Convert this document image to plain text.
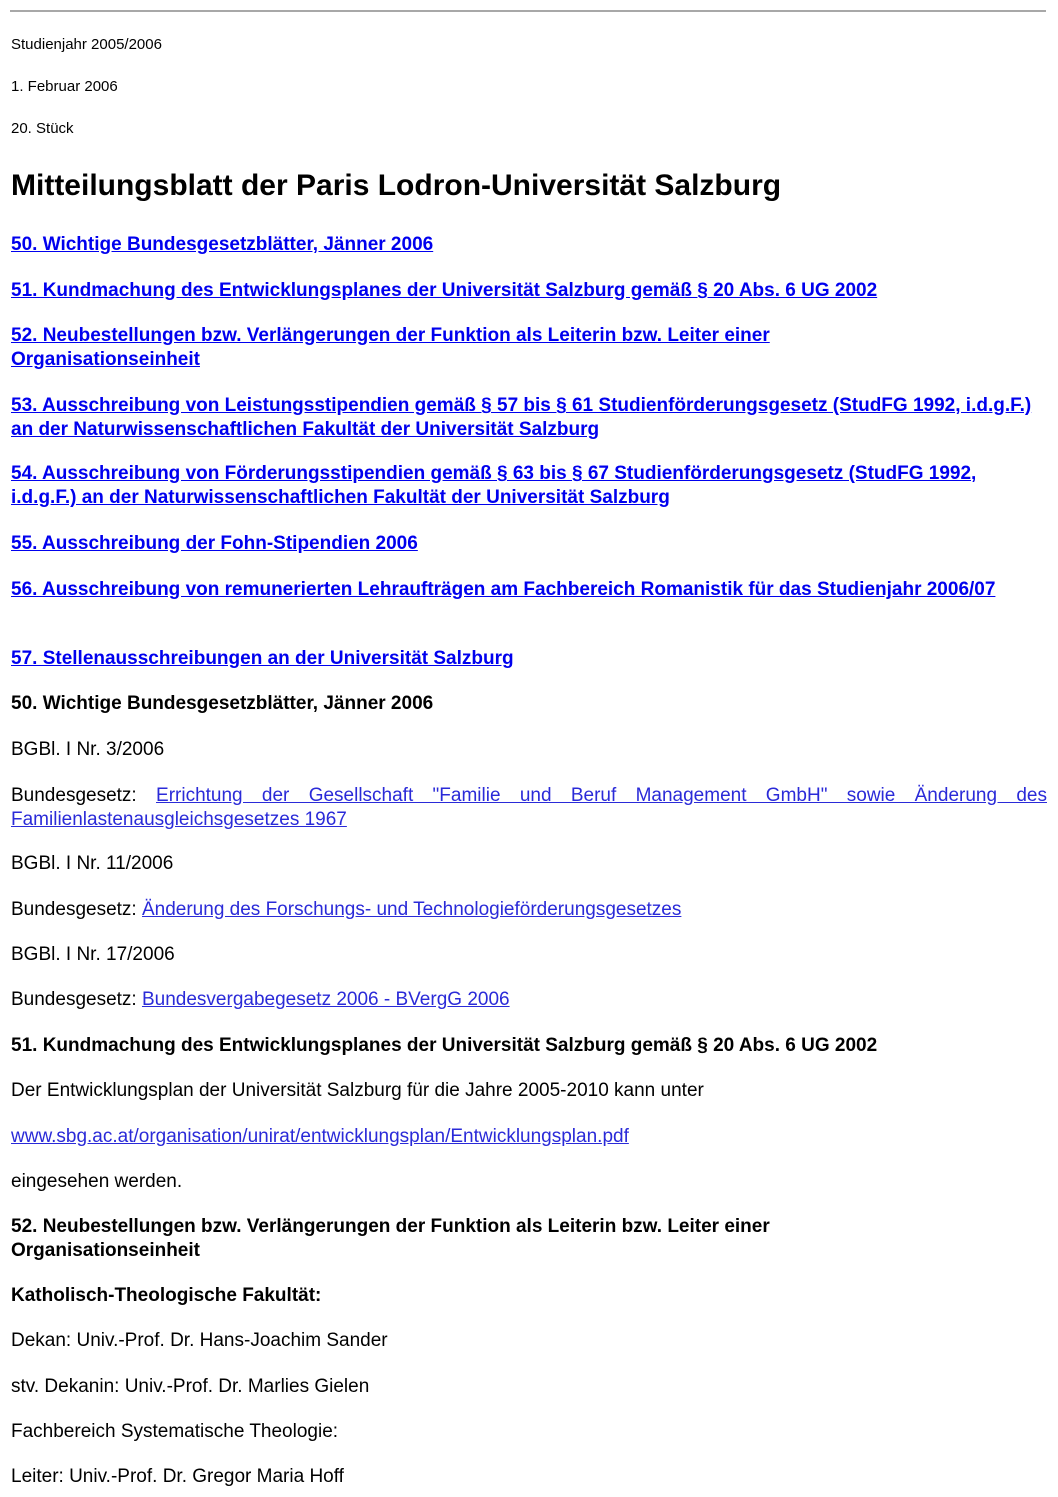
Studienjahr 2005/2006
1. Februar 2006
20. Stück
Mitteilungsblatt der Paris Lodron-Universität Salzburg
50. Wichtige Bundesgesetzblätter, Jänner 2006
51. Kundmachung des Entwicklungsplanes der Universität Salzburg gemäß § 20 Abs. 6 UG 2002
52. Neubestellungen bzw. Verlängerungen der Funktion als Leiterin bzw. Leiter einer Organisationseinheit
53. Ausschreibung von Leistungsstipendien gemäß § 57 bis § 61 Studienförderungsgesetz (StudFG 1992, i.d.g.F.) an der Naturwissenschaftlichen Fakultät der Universität Salzburg
54. Ausschreibung von Förderungsstipendien gemäß § 63 bis § 67 Studienförderungsgesetz (StudFG 1992, i.d.g.F.) an der Naturwissenschaftlichen Fakultät der Universität Salzburg
55. Ausschreibung der Fohn-Stipendien 2006
56. Ausschreibung von remunerierten Lehraufträgen am Fachbereich Romanistik für das Studienjahr 2006/07
57. Stellenausschreibungen an der Universität Salzburg
50. Wichtige Bundesgesetzblätter, Jänner 2006
BGBl. I Nr. 3/2006
Bundesgesetz: Errichtung der Gesellschaft "Familie und Beruf Management GmbH" sowie Änderung des Familienlastenausgleichsgesetzes 1967
BGBl. I Nr. 11/2006
Bundesgesetz: Änderung des Forschungs- und Technologieförderungsgesetzes
BGBl. I Nr. 17/2006
Bundesgesetz: Bundesvergabegesetz 2006 - BVergG 2006
51. Kundmachung des Entwicklungsplanes der Universität Salzburg gemäß § 20 Abs. 6 UG 2002
Der Entwicklungsplan der Universität Salzburg für die Jahre 2005-2010 kann unter
www.sbg.ac.at/organisation/unirat/entwicklungsplan/Entwicklungsplan.pdf
eingesehen werden.
52. Neubestellungen bzw. Verlängerungen der Funktion als Leiterin bzw. Leiter einer Organisationseinheit
Katholisch-Theologische Fakultät:
Dekan: Univ.-Prof. Dr. Hans-Joachim Sander
stv. Dekanin: Univ.-Prof. Dr. Marlies Gielen
Fachbereich Systematische Theologie:
Leiter: Univ.-Prof. Dr. Gregor Maria Hoff
